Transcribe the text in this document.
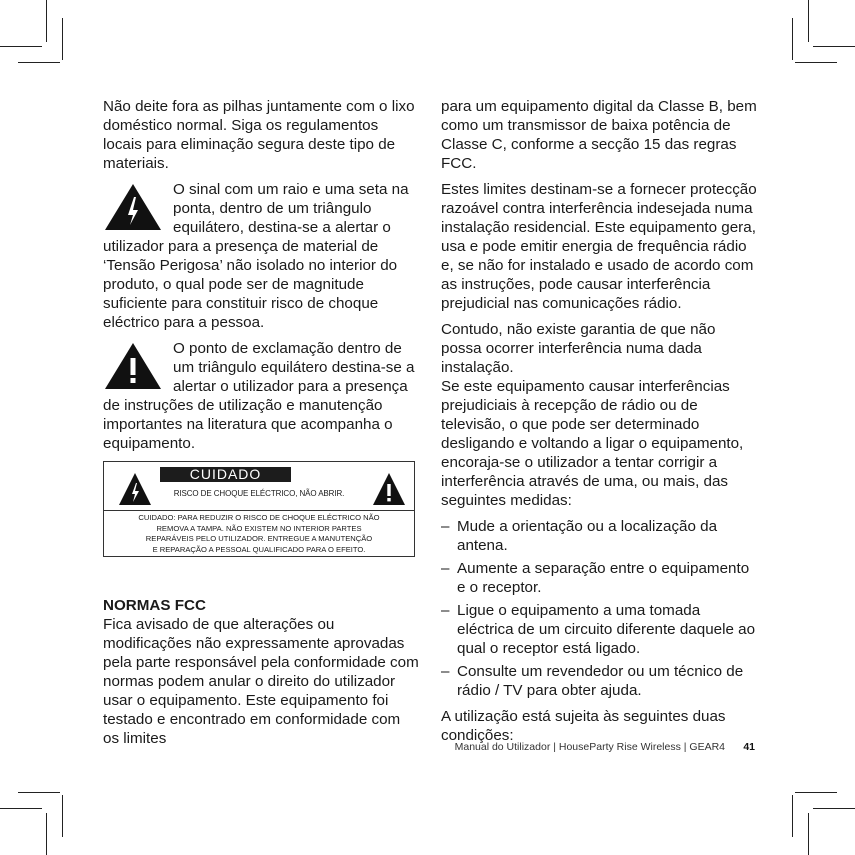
Não deite fora as pilhas juntamente com o lixo doméstico normal. Siga os regulamentos locais para eliminação segura deste tipo de materiais.

O sinal com um raio e uma seta na ponta, dentro de um triângulo equilátero, destina-se a alertar o utilizador para a presença de material de ‘Tensão Perigosa’ não isolado no interior do produto, o qual pode ser de magnitude suficiente para constituir risco de choque eléctrico para a pessoa.

O ponto de exclamação dentro de um triângulo equilátero destina-se a alertar o utilizador para a presença de instruções de utilização e manutenção importantes na literatura que acompanha o equipamento.

CUIDADO
RISCO DE CHOQUE ELÉCTRICO, NÃO ABRIR.
CUIDADO: PARA REDUZIR O RISCO DE CHOQUE ELÉCTRICO NÃO
REMOVA A TAMPA. NÃO EXISTEM NO INTERIOR PARTES
REPARÁVEIS PELO UTILIZADOR. ENTREGUE A MANUTENÇÃO
E REPARAÇÃO A PESSOAL QUALIFICADO PARA O EFEITO.
NORMAS FCC

Fica avisado de que alterações ou modificações não expressamente aprovadas pela parte responsável pela conformidade com normas podem anular o direito do utilizador usar o equipamento. Este equipamento foi testado e encontrado em conformidade com os limites

para um equipamento digital da Classe B, bem como um transmissor de baixa potência de Classe C, conforme a secção 15 das regras FCC.

Estes limites destinam-se a fornecer protecção razoável contra interferência indesejada numa instalação residencial. Este equipamento gera, usa e pode emitir energia de frequência rádio e, se não for instalado e usado de acordo com as instruções, pode causar interferência prejudicial nas comunicações rádio.

Contudo, não existe garantia de que não possa ocorrer interferência numa dada instalação.
Se este equipamento causar interferências prejudiciais à recepção de rádio ou de televisão, o que pode ser determinado desligando e voltando a ligar o equipamento, encoraja-se o utilizador a tentar corrigir a interferência através de uma, ou mais, das seguintes medidas:

– Mude a orientação ou a localização da antena.
– Aumente a separação entre o equipamento e o receptor.
– Ligue o equipamento a uma tomada eléctrica de um circuito diferente daquele ao qual o receptor está ligado.
– Consulte um revendedor ou um técnico de rádio / TV para obter ajuda.

A utilização está sujeita às seguintes duas condições:

Manual do Utilizador | HouseParty Rise Wireless | GEAR4 41
